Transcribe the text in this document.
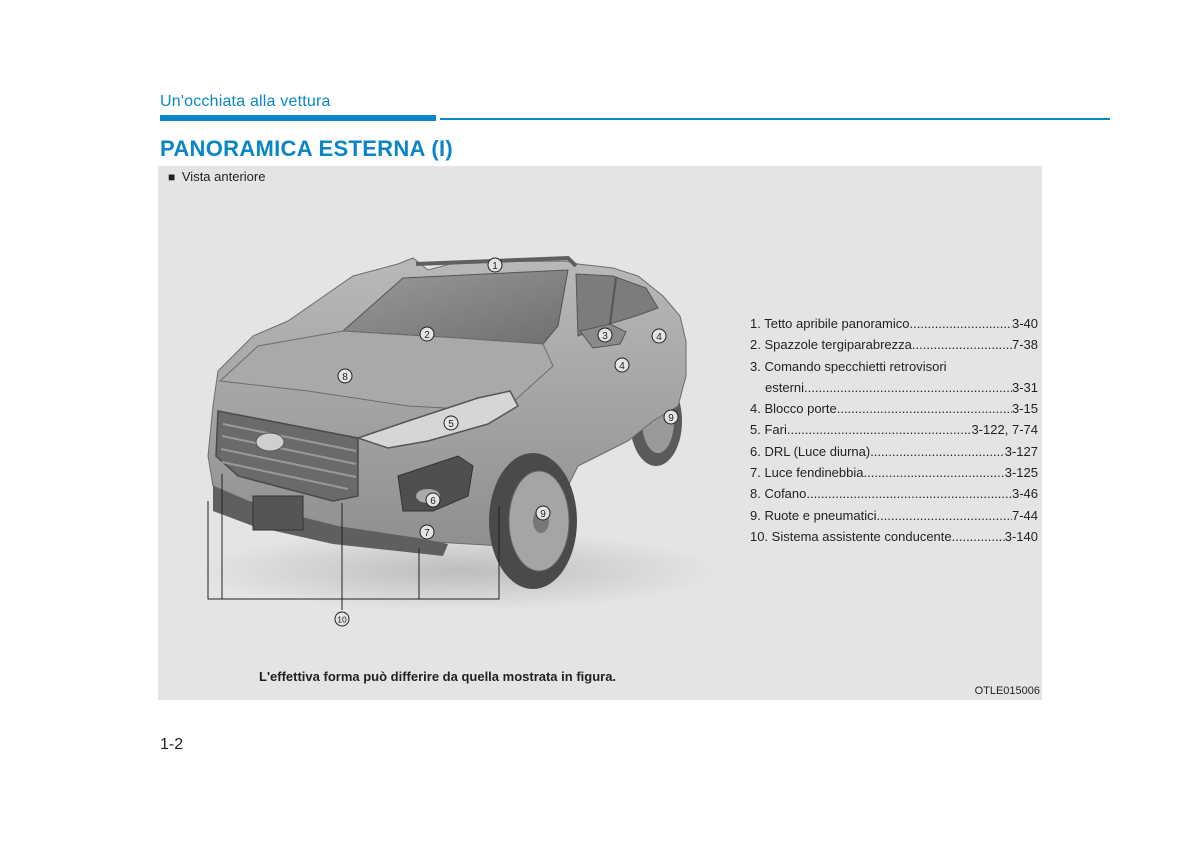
Un'occhiata alla vettura
PANORAMICA ESTERNA (I)
■ Vista anteriore
1
2	3	4
4
5
6
7
8
9
9
10
1. Tetto apribile panoramico .....	3-40
2. Spazzole tergiparabrezza .....	7-38
3. Comando specchietti retrovisori
esterni .....	3-31
4. Blocco porte .....	3-15
5. Fari .....	3-122, 7-74
6. DRL (Luce diurna) .....	3-127
7. Luce fendinebbia .....	3-125
8. Cofano .....	3-46
9. Ruote e pneumatici .....	7-44
10. Sistema assistente conducente .....	3-140
L'effettiva forma può differire da quella mostrata in figura.
OTLE015006
1-2
